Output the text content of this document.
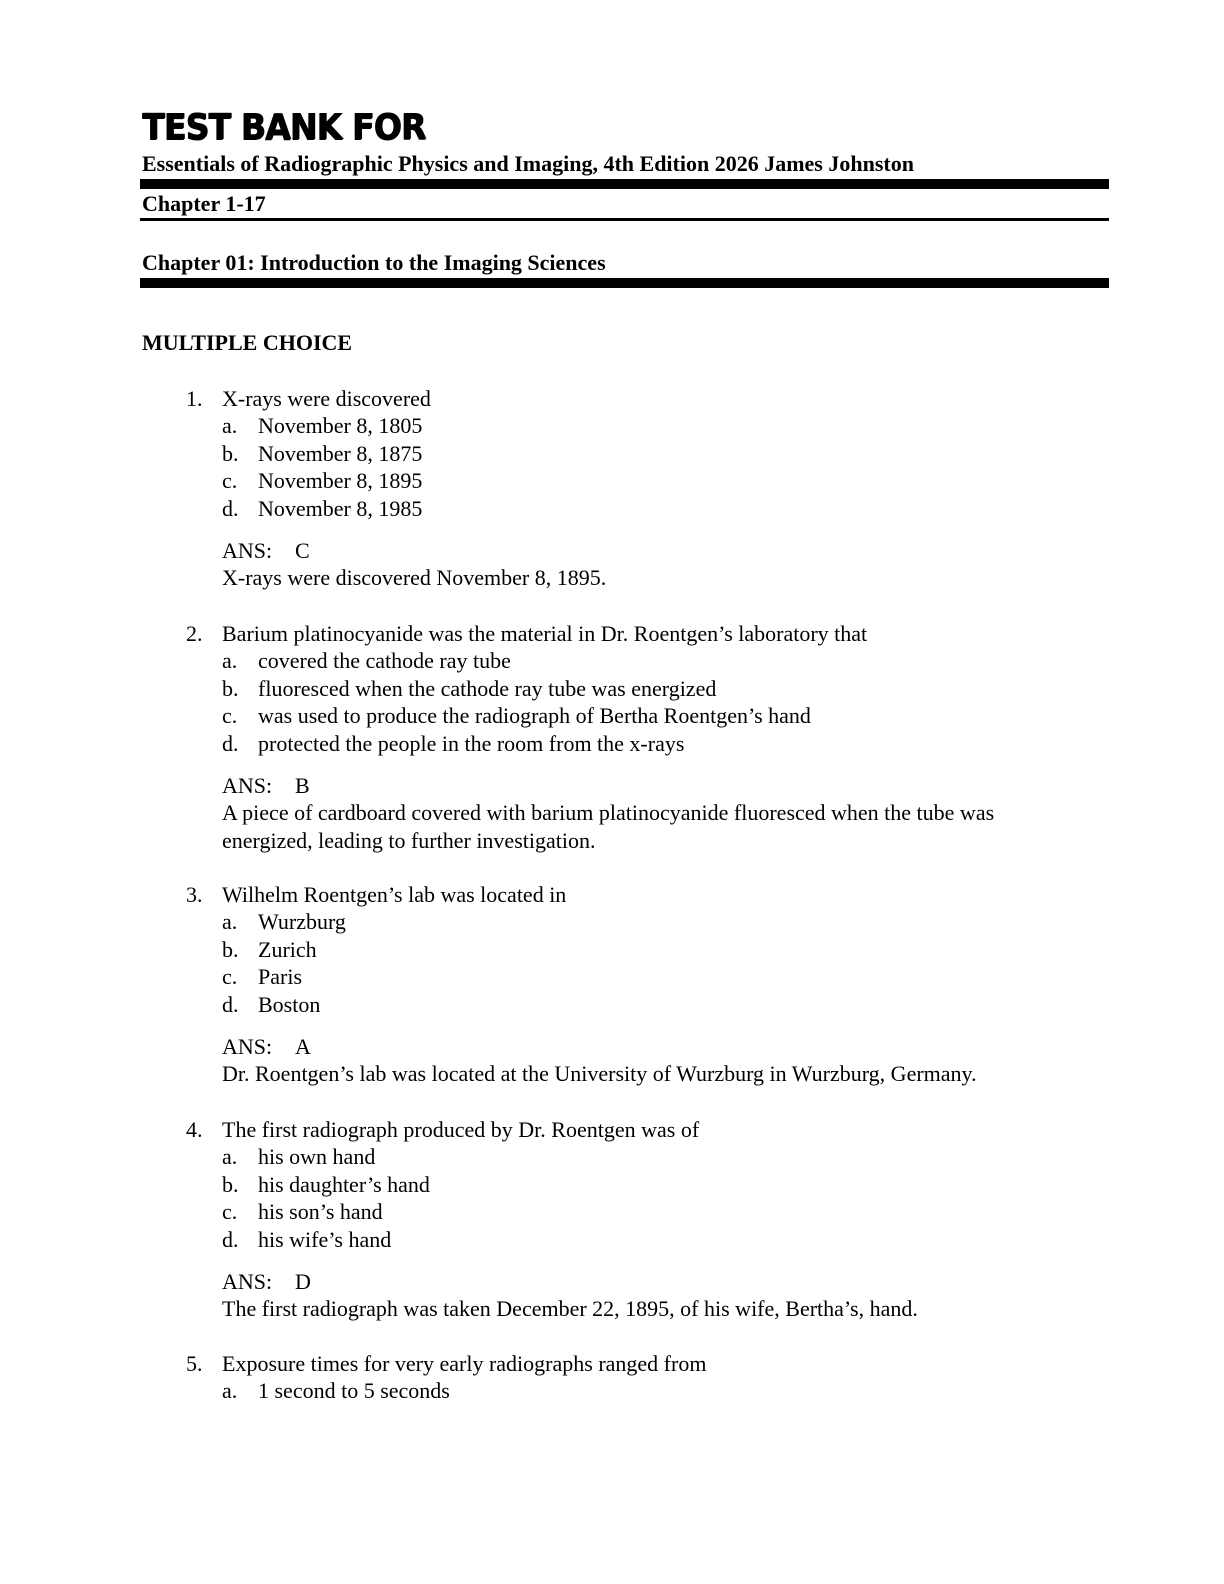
TEST BANK FOR
Essentials of Radiographic Physics and Imaging, 4th Edition 2026 James Johnston
Chapter 1-17
Chapter 01: Introduction to the Imaging Sciences
MULTIPLE CHOICE
1. X-rays were discovered
a. November 8, 1805
b. November 8, 1875
c. November 8, 1895
d. November 8, 1985
ANS: C
X-rays were discovered November 8, 1895.
2. Barium platinocyanide was the material in Dr. Roentgen’s laboratory that
a. covered the cathode ray tube
b. fluoresced when the cathode ray tube was energized
c. was used to produce the radiograph of Bertha Roentgen’s hand
d. protected the people in the room from the x-rays
ANS: B
A piece of cardboard covered with barium platinocyanide fluoresced when the tube was energized, leading to further investigation.
3. Wilhelm Roentgen’s lab was located in
a. Wurzburg
b. Zurich
c. Paris
d. Boston
ANS: A
Dr. Roentgen’s lab was located at the University of Wurzburg in Wurzburg, Germany.
4. The first radiograph produced by Dr. Roentgen was of
a. his own hand
b. his daughter’s hand
c. his son’s hand
d. his wife’s hand
ANS: D
The first radiograph was taken December 22, 1895, of his wife, Bertha’s, hand.
5. Exposure times for very early radiographs ranged from
a. 1 second to 5 seconds
